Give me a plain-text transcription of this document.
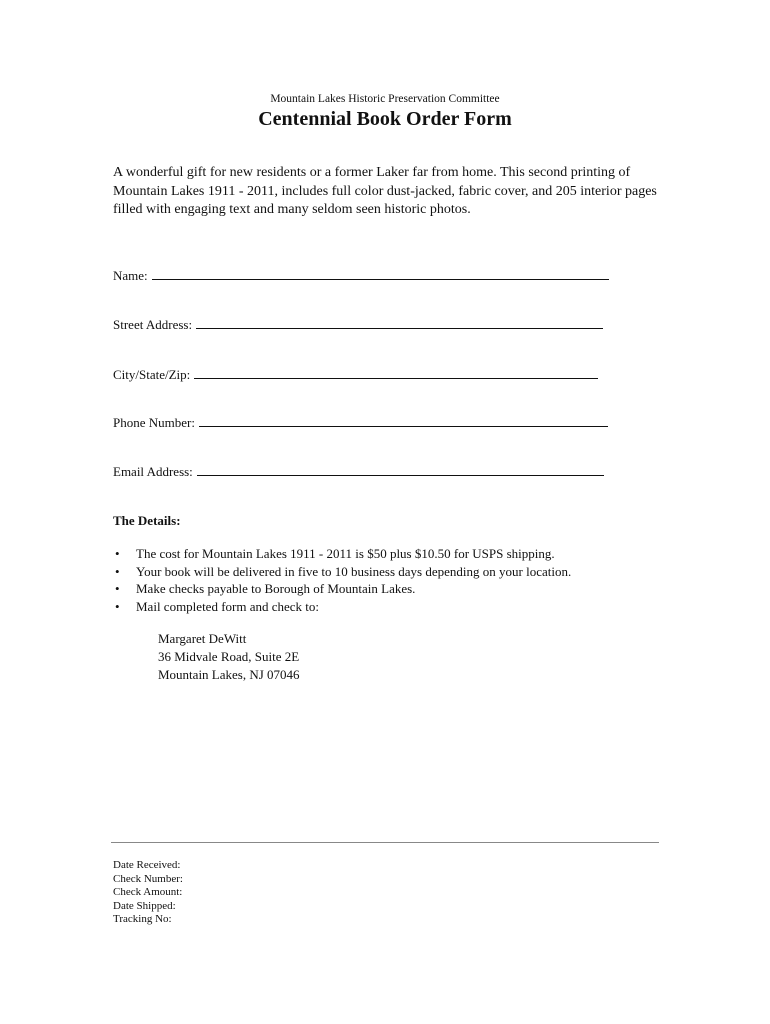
Mountain Lakes Historic Preservation Committee
Centennial Book Order Form
A wonderful gift for new residents or a former Laker far from home. This second printing of Mountain Lakes 1911 - 2011, includes full color dust-jacked, fabric cover, and 205 interior pages filled with engaging text and many seldom seen historic photos.
Name:
Street Address:
City/State/Zip:
Phone Number:
Email Address:
The Details:
• The cost for Mountain Lakes 1911 - 2011 is $50 plus $10.50 for USPS shipping.
• Your book will be delivered in five to 10 business days depending on your location.
• Make checks payable to Borough of Mountain Lakes.
• Mail completed form and check to:
Margaret DeWitt
36 Midvale Road, Suite 2E
Mountain Lakes, NJ 07046
Date Received:
Check Number:
Check Amount:
Date Shipped:
Tracking No:
